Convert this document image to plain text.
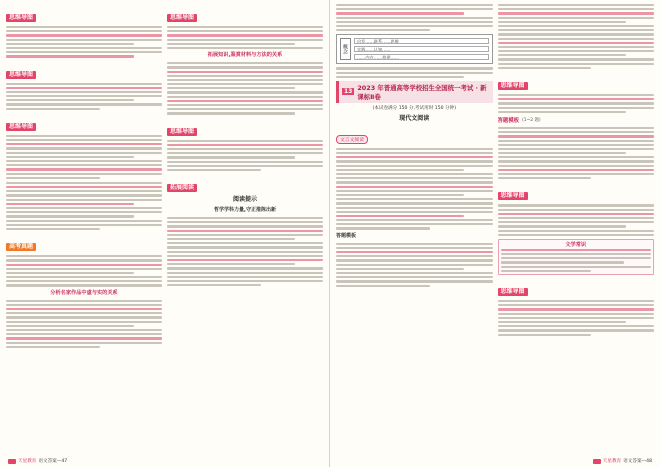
思维导图
思维导图
思维导图
高考真题
分析名家作品中虚与实的关系
思维导图
拓展知识,鉴赏材料与方法的关系
思维导图
拓展阅读
阅读提示
哲学学科力量,守正推陈出新
天星教育 语文答案—47
概念
启发……联系……思维
实践……认知……
……内在……构建……
13 2023 年普通高等学校招生全国统一考试 · 新课标Ⅱ卷
(本试卷满分 150 分,考试用时 150 分钟)
现代文阅读
文言文阅读
答题模板
思维导图
答题模板 (1~2 题)
思维导图
文学常识
思维导图
天星教育 语文答案—48
